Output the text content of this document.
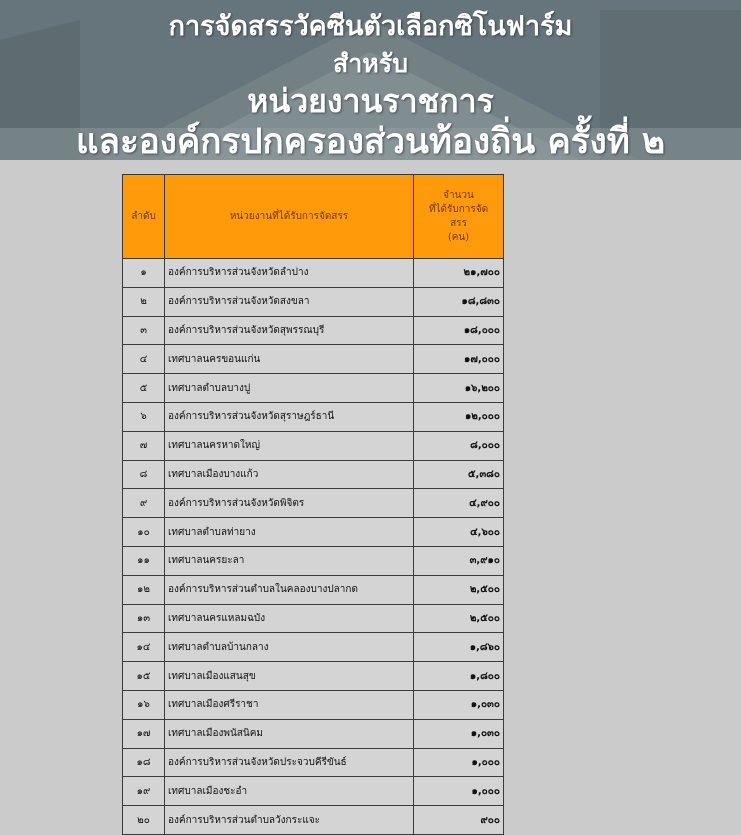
การจัดสรรวัคซีนตัวเลือกซิโนฟาร์ม
สำหรับ
หน่วยงานราชการ
และองค์กรปกครองส่วนท้องถิ่น ครั้งที่ ๒
ลำดับ	หน่วยงานที่ได้รับการจัดสรร	จำนวน
ที่ได้รับการจัด
สรร
(คน)

๑	องค์การบริหารส่วนจังหวัดลำปาง	๒๑,๗๐๐
๒	องค์การบริหารส่วนจังหวัดสงขลา	๑๘,๘๓๐
๓	องค์การบริหารส่วนจังหวัดสุพรรณบุรี	๑๘,๐๐๐
๔	เทศบาลนครขอนแก่น	๑๗,๐๐๐
๕	เทศบาลตำบลบางปู	๑๖,๒๐๐
๖	องค์การบริหารส่วนจังหวัดสุราษฎร์ธานี	๑๒,๐๐๐
๗	เทศบาลนครหาดใหญ่	๘,๐๐๐
๘	เทศบาลเมืองบางแก้ว	๕,๓๘๐
๙	องค์การบริหารส่วนจังหวัดพิจิตร	๔,๙๐๐
๑๐	เทศบาลตำบลท่ายาง	๔,๖๐๐
๑๑	เทศบาลนครยะลา	๓,๙๑๐
๑๒	องค์การบริหารส่วนตำบลในคลองบางปลากด	๒,๕๐๐
๑๓	เทศบาลนครแหลมฉบัง	๒,๕๐๐
๑๔	เทศบาลตำบลบ้านกลาง	๑,๘๖๐
๑๕	เทศบาลเมืองแสนสุข	๑,๘๐๐
๑๖	เทศบาลเมืองศรีราชา	๑,๐๓๐
๑๗	เทศบาลเมืองพนัสนิคม	๑,๐๓๐
๑๘	องค์การบริหารส่วนจังหวัดประจวบคีรีขันธ์	๑,๐๐๐
๑๙	เทศบาลเมืองชะอำ	๑,๐๐๐
๒๐	องค์การบริหารส่วนตำบลวังกระแจะ	๙๐๐
